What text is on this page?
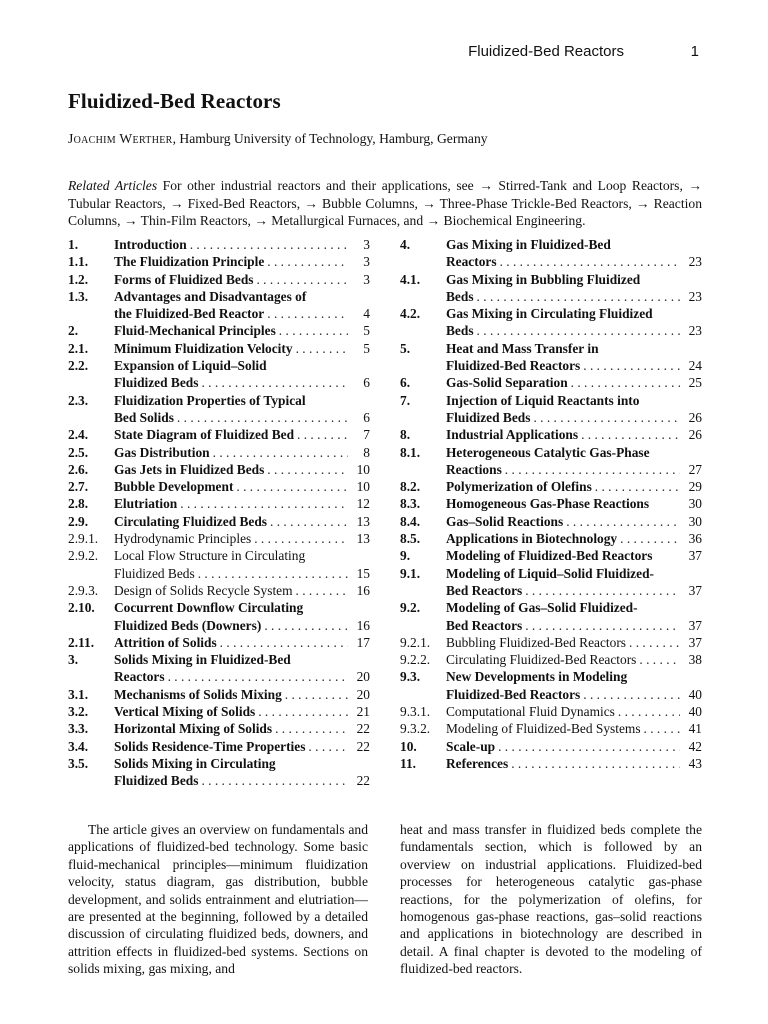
Fluidized-Bed Reactors	1
Fluidized-Bed Reactors
Joachim Werther, Hamburg University of Technology, Hamburg, Germany
Related Articles For other industrial reactors and their applications, see → Stirred-Tank and Loop Reactors, → Tubular Reactors, → Fixed-Bed Reactors, → Bubble Columns, → Three-Phase Trickle-Bed Reactors, → Reaction Columns, → Thin-Film Reactors, → Metallurgical Furnaces, and → Biochemical Engineering.
1.	Introduction . . .	3
1.1. The Fluidization Principle . . .	3
1.2. Forms of Fluidized Beds . . .	3
1.3. Advantages and Disadvantages of
the Fluidized-Bed Reactor . . .	4
2.	Fluid-Mechanical Principles . . .	5
2.1. Minimum Fluidization Velocity . . .	5
2.2. Expansion of Liquid–Solid
Fluidized Beds . . .	6
2.3. Fluidization Properties of Typical
Bed Solids . . .	6
2.4. State Diagram of Fluidized Bed . . .	7
2.5. Gas Distribution . . .	8
2.6. Gas Jets in Fluidized Beds . . .	10
2.7. Bubble Development . . .	10
2.8. Elutriation . . .	12
2.9. Circulating Fluidized Beds . . .	13
2.9.1. Hydrodynamic Principles . . .	13
2.9.2. Local Flow Structure in Circulating
Fluidized Beds . . .	15
2.9.3. Design of Solids Recycle System . . .	16
2.10. Cocurrent Downflow Circulating
Fluidized Beds (Downers) . . .	16
2.11. Attrition of Solids . . .	17
3.	Solids Mixing in Fluidized-Bed
Reactors . . .	20
3.1. Mechanisms of Solids Mixing . . .	20
3.2. Vertical Mixing of Solids . . .	21
3.3. Horizontal Mixing of Solids . . .	22
3.4. Solids Residence-Time Properties . . .	22
3.5. Solids Mixing in Circulating
Fluidized Beds . . .	22
4.	Gas Mixing in Fluidized-Bed
Reactors . . .	23
4.1. Gas Mixing in Bubbling Fluidized
Beds . . .	23
4.2. Gas Mixing in Circulating Fluidized
Beds . . .	23
5.	Heat and Mass Transfer in
Fluidized-Bed Reactors . . .	24
6.	Gas-Solid Separation . . .	25
7.	Injection of Liquid Reactants into
Fluidized Beds . . .	26
8.	Industrial Applications . . .	26
8.1. Heterogeneous Catalytic Gas-Phase
Reactions . . .	27
8.2. Polymerization of Olefins . . .	29
8.3. Homogeneous Gas-Phase Reactions	30
8.4. Gas–Solid Reactions . . .	30
8.5. Applications in Biotechnology . . .	36
9.	Modeling of Fluidized-Bed Reactors	37
9.1. Modeling of Liquid–Solid Fluidized-
Bed Reactors . . .	37
9.2. Modeling of Gas–Solid Fluidized-
Bed Reactors . . .	37
9.2.1. Bubbling Fluidized-Bed Reactors . . .	37
9.2.2. Circulating Fluidized-Bed Reactors . . .	38
9.3. New Developments in Modeling
Fluidized-Bed Reactors . . .	40
9.3.1. Computational Fluid Dynamics . . .	40
9.3.2. Modeling of Fluidized-Bed Systems . . .	41
10. Scale-up . . .	42
11. References . . .	43

The article gives an overview on fundamentals and applications of fluidized-bed technology. Some basic fluid-mechanical principles—minimum fluidization velocity, status diagram, gas distribution, bubble development, and solids entrainment and elutriation—are presented at the beginning, followed by a detailed discussion of circulating fluidized beds, downers, and attrition effects in fluidized-bed systems. Sections on solids mixing, gas mixing, and

heat and mass transfer in fluidized beds complete the fundamentals section, which is followed by an overview on industrial applications. Fluidized-bed processes for heterogeneous catalytic gas-phase reactions, for the polymerization of olefins, for homogenous gas-phase reactions, gas–solid reactions and applications in biotechnology are described in detail. A final chapter is devoted to the modeling of fluidized-bed reactors.
